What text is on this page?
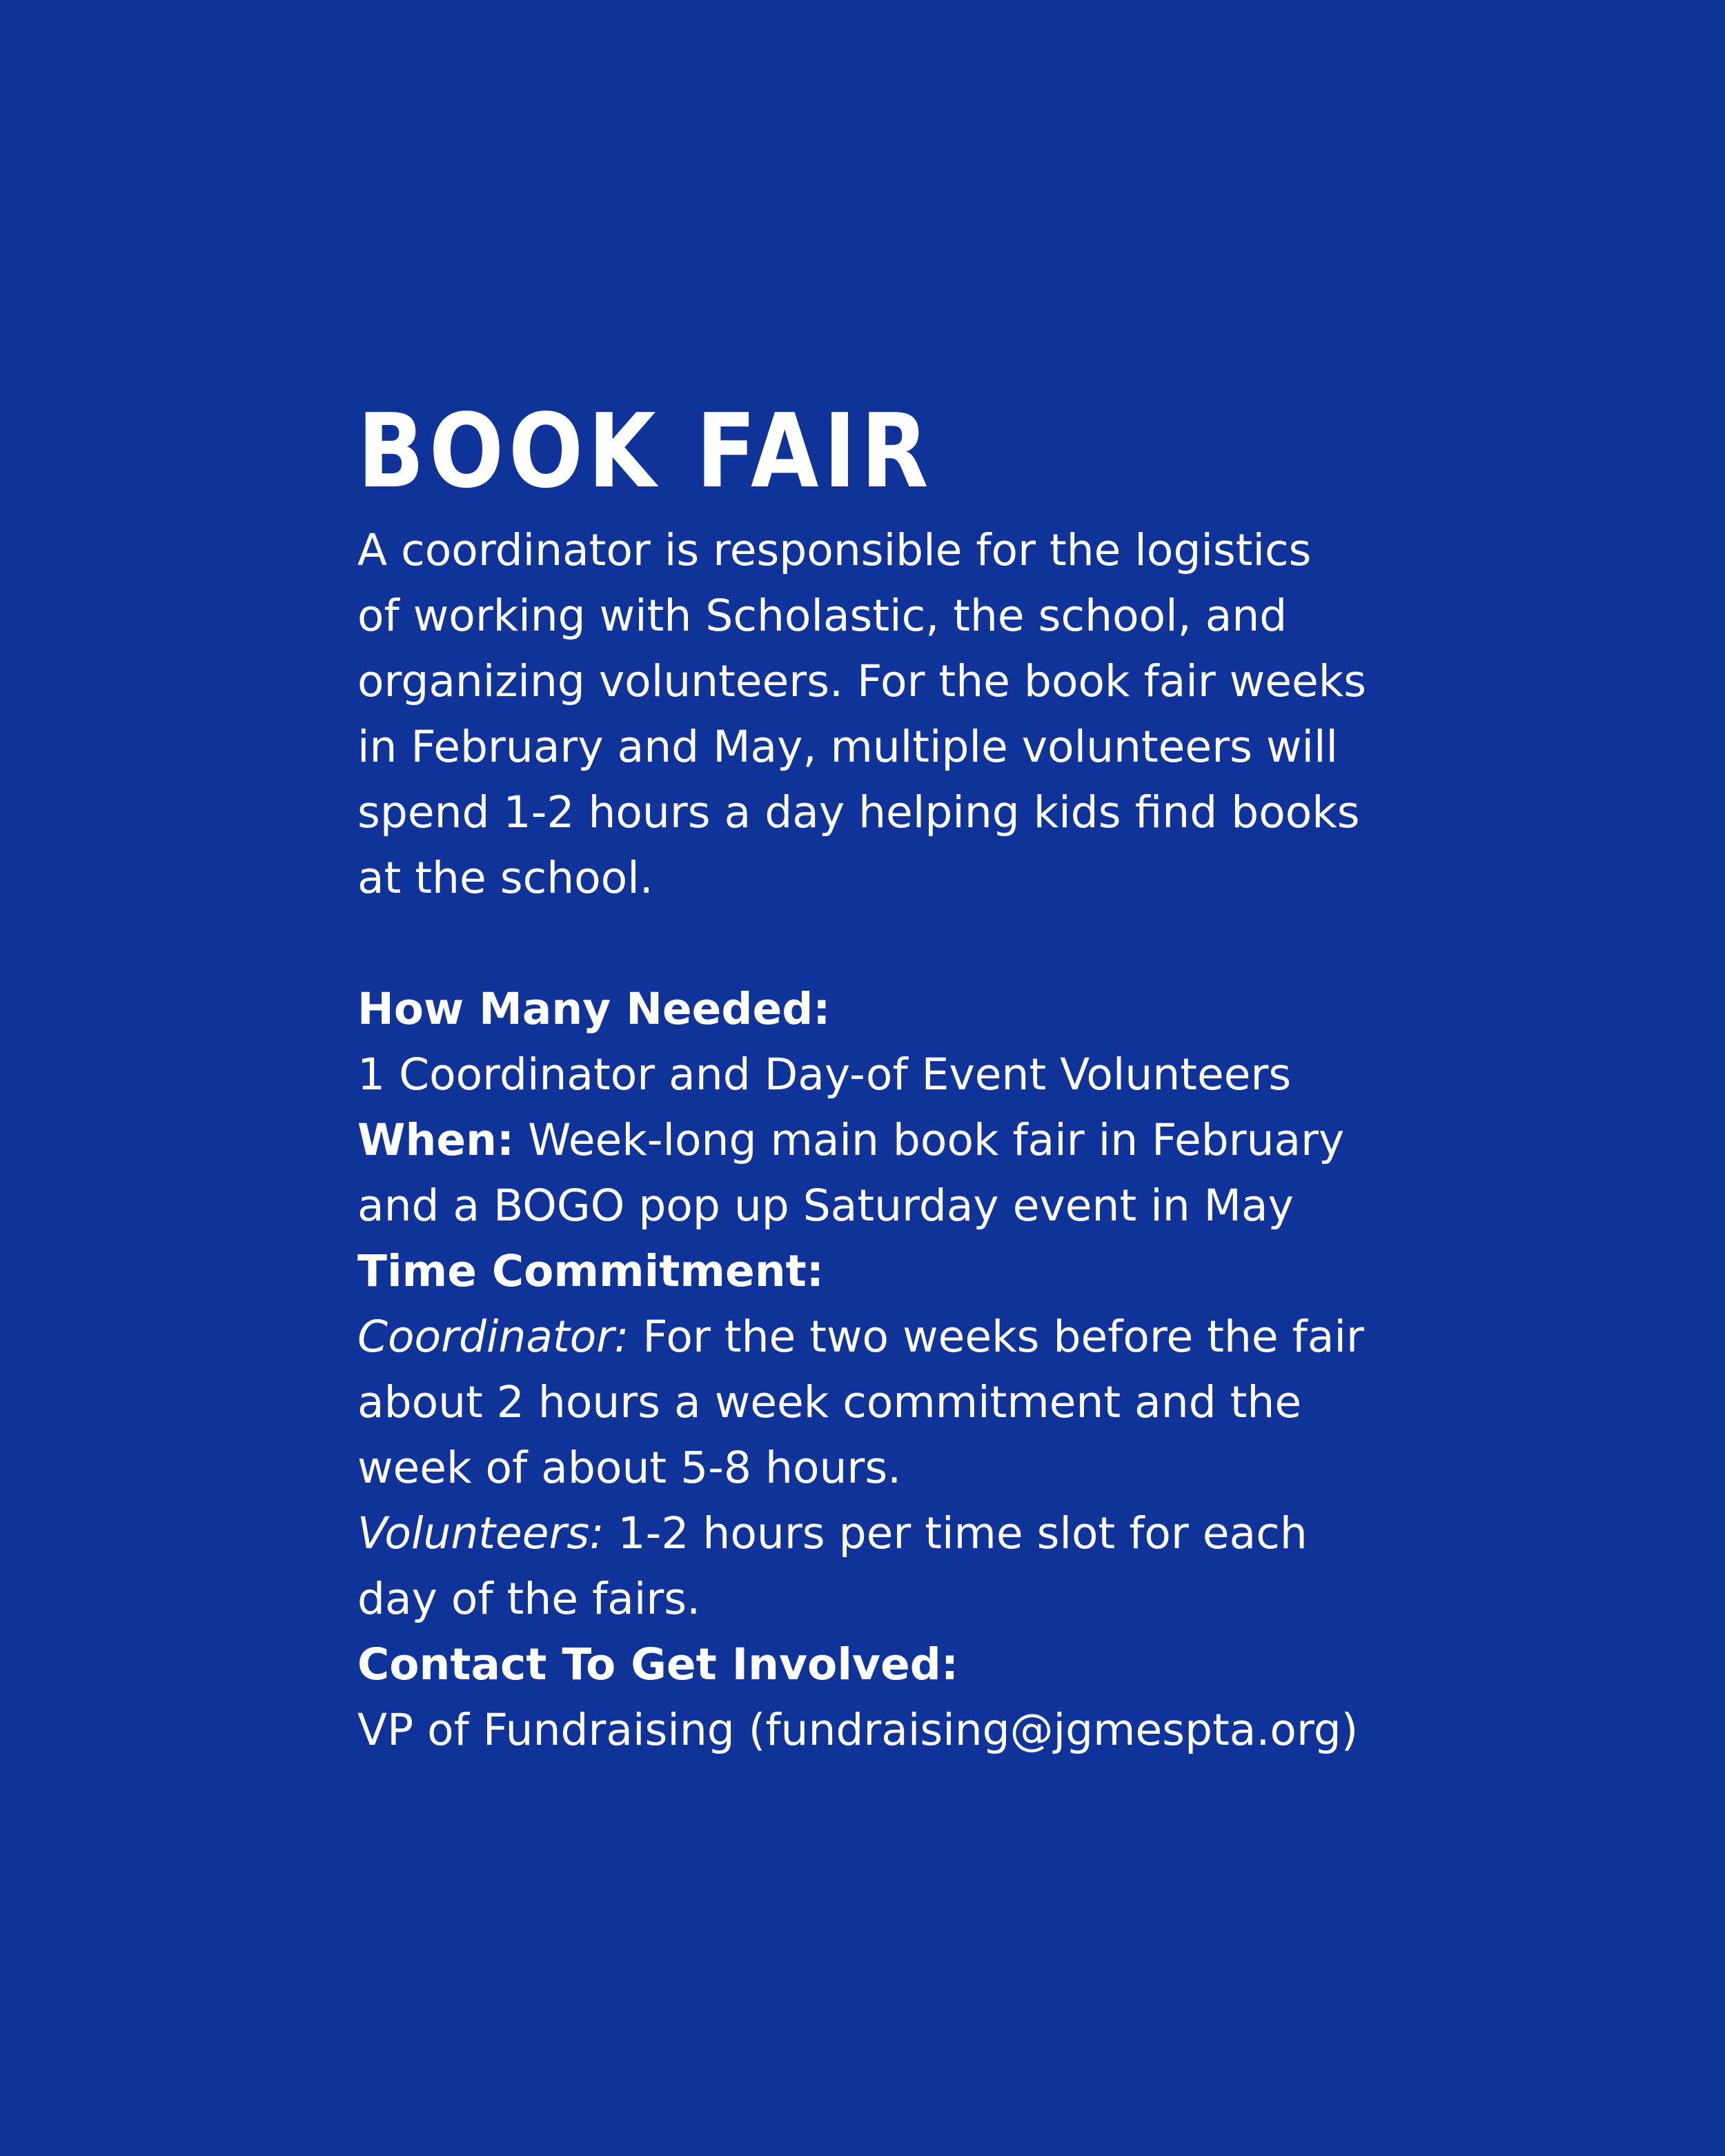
BOOK FAIR
A coordinator is responsible for the logistics
of working with Scholastic, the school, and
organizing volunteers. For the book fair weeks
in February and May, multiple volunteers will
spend 1-2 hours a day helping kids find books
at the school.
How Many Needed:
1 Coordinator and Day-of Event Volunteers
When: Week-long main book fair in February
and a BOGO pop up Saturday event in May
Time Commitment:
Coordinator: For the two weeks before the fair
about 2 hours a week commitment and the
week of about 5-8 hours.
Volunteers: 1-2 hours per time slot for each
day of the fairs.
Contact To Get Involved:
VP of Fundraising (fundraising@jgmespta.org)
